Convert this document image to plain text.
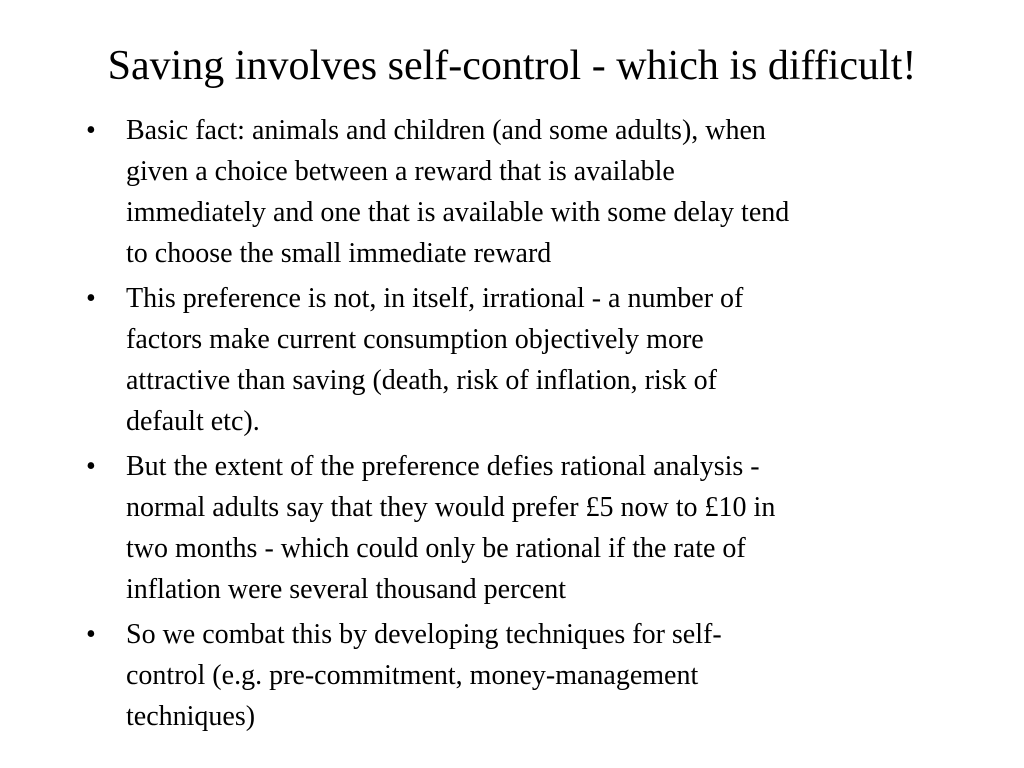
Saving involves self-control - which is difficult!
•	Basic fact: animals and children (and some adults), when
given a choice between a reward that is available
immediately and one that is available with some delay tend
to choose the small immediate reward
•	This preference is not, in itself, irrational - a number of
factors make current consumption objectively more
attractive than saving (death, risk of inflation, risk of
default etc).
•	But the extent of the preference defies rational analysis -
normal adults say that they would prefer £5 now to £10 in
two months - which could only be rational if the rate of
inflation were several thousand percent
•	So we combat this by developing techniques for self-
control (e.g. pre-commitment, money-management
techniques)
